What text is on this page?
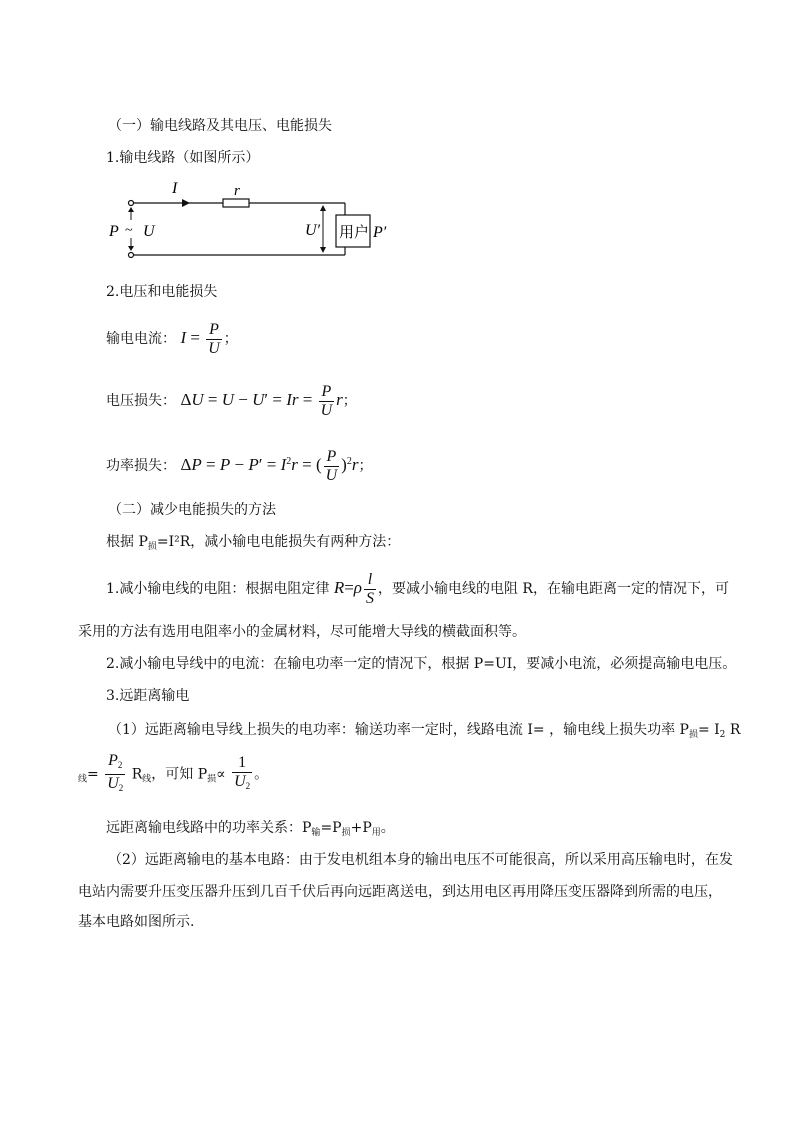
（一）输电线路及其电压、电能损失
1.输电线路（如图所示）
I	r
P ~ U	U′ 用户 P′
2.电压和电能损失
输电电流： $I = \frac{P}{U}$ ；
电压损失： $\Delta U = U - U' = Ir = \frac{P}{U}$ r；
功率损失： $\Delta P = P - P' = I^2r$ = ( $\frac{P}{U} )^2r$；
（二）减少电能损失的方法
根据 $P_损=I^2R$，减小输电电能损失有两种方法：
1.减小输电线的电阻：根据电阻定律 $R=\rho \frac{l}{S}$ ，要减小输电线的电阻 R，在输电距离一定的情况下，可
采用的方法有选用电阻率小的金属材料，尽可能增大导线的横截面积等。
2.减小输电导线中的电流：在输电功率一定的情况下，根据 P=UI，要减小电流，必须提高输电电压。
3.远距离输电
（1）远距离输电导线上损失的电功率：输送功率一定时，线路电流 I= ，输电线上损失功率 $P_损= I_2$ R
$_线= \frac{P_2}{U_2} R_线$，可知 $P_损\propto \frac{1}{U_2}$ 。
远距离输电线路中的功率关系：$P_输=P_损+P_用$。
（2）远距离输电的基本电路：由于发电机组本身的输出电压不可能很高，所以采用高压输电时，在发
电站内需要升压变压器升压到几百千伏后再向远距离送电，到达用电区再用降压变压器降到所需的电压，
基本电路如图所示.
